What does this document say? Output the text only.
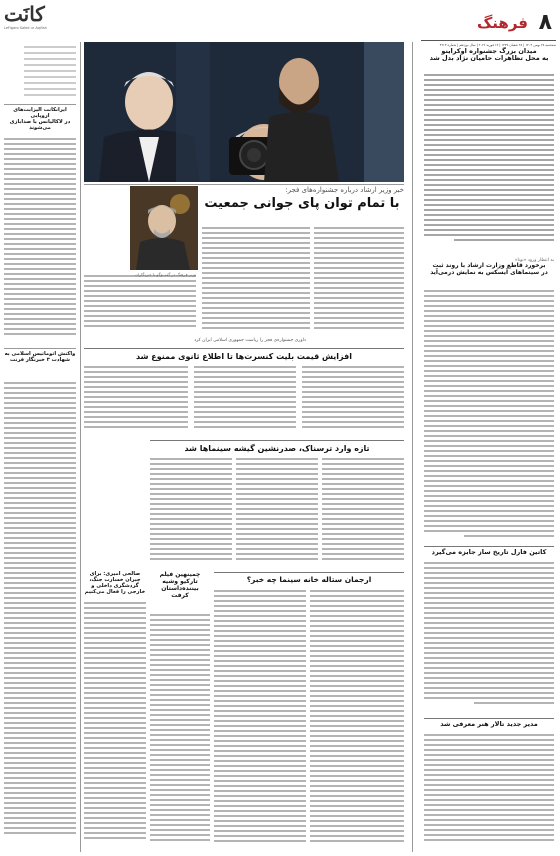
٨
فرهنگ
سه‌شنبه ۲۸ بهمن ۱۴۰۴ | ۲۸ شعبان ۱۴۴۷ | ۱۷ فوریه ۲۰۲۶ | سال نوزدهم | شماره ۴۹۱۳
كانَت
LeFigaro Saïed ur Aqilish
میدان بزرگ جشنواره اوکراینو
به محل تظاهرات حامیان نژاد بدل شد
خبر وزیر ارشاد درباره جشنواره‌های فجر:
با تمام توان پای جوانی جمعیت
داوری جشنواره‌ی فجر را ریاست جمهوری اسلامی ایران کرد
به انتظار ورود «نونا»
برخورد قاطع وزارت ارشاد با روند ثبت
در سینماهای آیسکس به نمایش درمی‌آید
افزایش قیمت بلیت کنسرت‌ها تا اطلاع ثانوی ممنوع شد
تازه وارد ترسناک، صدرنشین گیشه سینماها شد
کاتین فارل تاریخ ساز جایزه می‌گیرد
مدیر جدید تالار هنر معرفی شد
ارجمان ستاله خانه سینما چه خبر؟
چمینهین فیلم
تارکیو وشیه
بیننده‌داستان
کرفت
صالحی امیری: برای جبران خسارت جنگ،
گردشگری داخلی و خارجی را فعال می‌کنیم
ایرانکانت الیزابت‌های اروپایی
در لاکالیانس با صدابازی می‌شوند
واکنش اتوماتیس اسلامی به
شهادت ۳ خبرنگار فرنت
وزیر فرهنگ در گفت‌وگو با خبرنگاران
